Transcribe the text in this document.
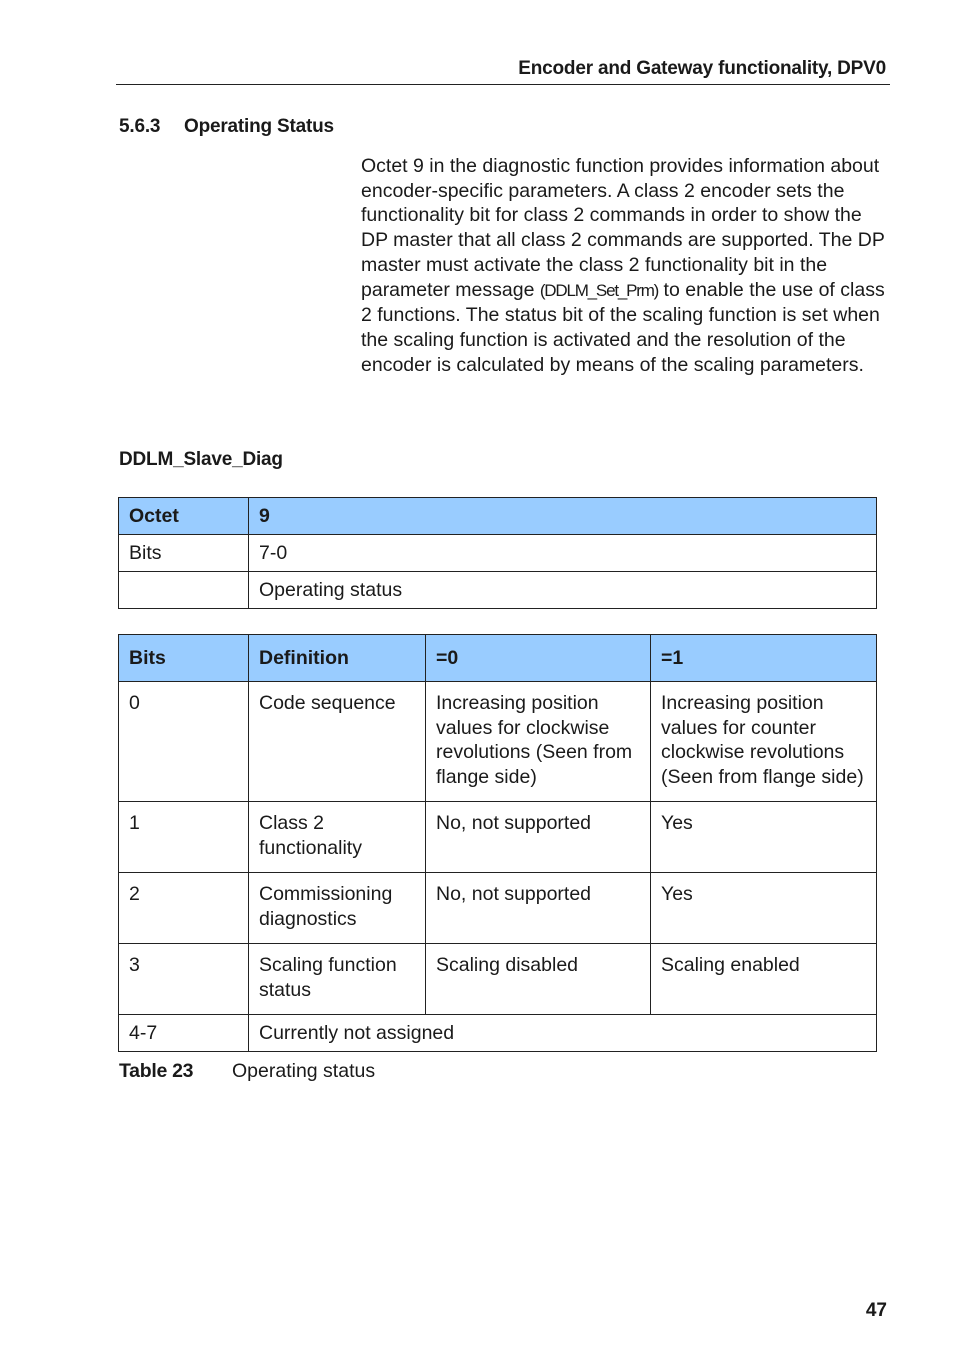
Encoder and Gateway functionality, DPV0
5.6.3 Operating Status

Octet 9 in the diagnostic function provides information about encoder-specific parameters. A class 2 encoder sets the functionality bit for class 2 commands in order to show the DP master that all class 2 commands are supported. The DP master must activate the class 2 functionality bit in the parameter message (DDLM_Set_Prm) to enable the use of class 2 functions. The status bit of the scaling function is set when the scaling function is activated and the resolution of the encoder is calculated by means of the scaling parameters.

DDLM_Slave_Diag
Octet	9
Bits	7-0
	Operating status
Bits	Definition	=0	=1
0	Code sequence	Increasing position values for clockwise revolutions (Seen from flange side)	Increasing position values for counter clockwise revolutions (Seen from flange side)
1	Class 2 functionality	No, not supported	Yes
2	Commissioning diagnostics	No, not supported	Yes
3	Scaling function status	Scaling disabled	Scaling enabled
4-7	Currently not assigned		
Table 23 Operating status
47
